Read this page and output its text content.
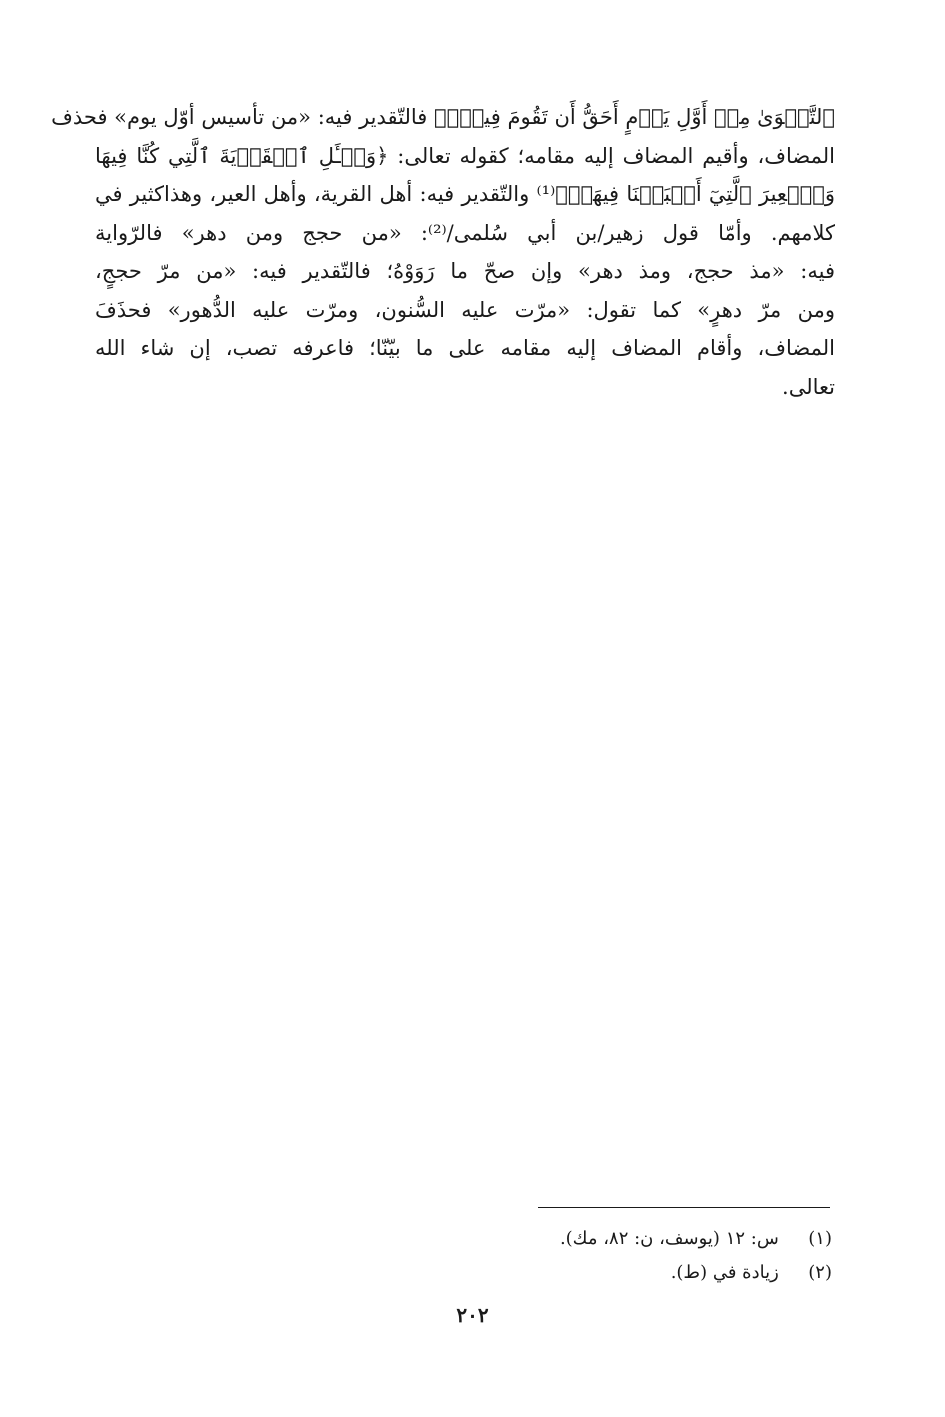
ٱلتَّقۡوَىٰ مِنۡ أَوَّلِ يَوۡمٍ أَحَقُّ أَن تَقُومَ فِيهِۚ﴾ فالتّقدير فيه: «من تأسيس أوّل يوم» فحذف
المضاف، وأقيم المضاف إليه مقامه؛ كقوله تعالى: ﴿وَسۡـَٔلِ ٱلۡقَرۡيَةَ ٱلَّتِي كُنَّا فِيهَا
وَٱلۡعِيرَ ٱلَّتِيٓ أَقۡبَلۡنَا فِيهَاۖ﴾⁽¹⁾ والتّقدير فيه: أهل القرية، وأهل العير، وهذاكثير في
كلامهم. وأمّا قول زهير/بن أبي سُلمى/⁽²⁾: «من حجج ومن دهر» فالرّواية
فيه: «مذ حجج، ومذ دهر» وإن صحّ ما رَوَوْهُ؛ فالتّقدير فيه: «من مرّ حججٍ،
ومن مرّ دهرٍ» كما تقول: «مرّت عليه السُّنون، ومرّت عليه الدُّهور» فحذَفَ
المضاف، وأقام المضاف إليه مقامه على ما بيّنّا؛ فاعرفه تصب، إن شاء الله
تعالى.
(١)   س: ١٢ (يوسف، ن: ٨٢، مك).
(٢)   زيادة في (ط).
٢٠٢
